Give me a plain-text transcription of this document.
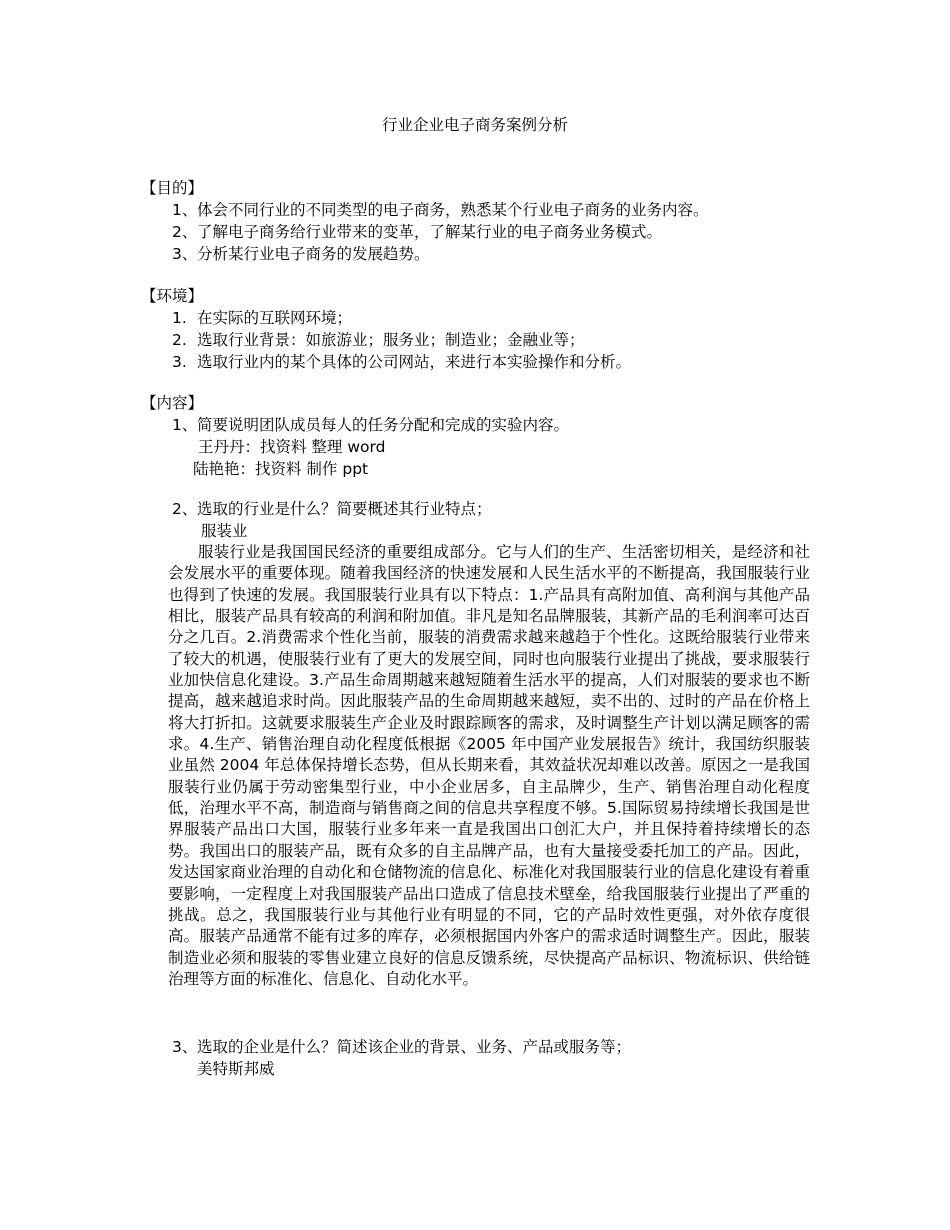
行业企业电子商务案例分析
【目的】
1、体会不同行业的不同类型的电子商务，熟悉某个行业电子商务的业务内容。
2、了解电子商务给行业带来的变革，了解某行业的电子商务业务模式。
3、分析某行业电子商务的发展趋势。
【环境】
1. 在实际的互联网环境；
2. 选取行业背景：如旅游业；服务业；制造业；金融业等；
3. 选取行业内的某个具体的公司网站，来进行本实验操作和分析。
【内容】
1、简要说明团队成员每人的任务分配和完成的实验内容。
王丹丹：找资料 整理 word
陆艳艳：找资料 制作 ppt
2、选取的行业是什么？简要概述其行业特点；
服装业

服装行业是我国国民经济的重要组成部分。它与人们的生产、生活密切相关，是经济和社会发展水平的重要体现。随着我国经济的快速发展和人民生活水平的不断提高，我国服装行业也得到了快速的发展。我国服装行业具有以下特点：1.产品具有高附加值、高利润与其他产品相比，服装产品具有较高的利润和附加值。非凡是知名品牌服装，其新产品的毛利润率可达百分之几百。2.消费需求个性化当前，服装的消费需求越来越趋于个性化。这既给服装行业带来了较大的机遇，使服装行业有了更大的发展空间，同时也向服装行业提出了挑战，要求服装行业加快信息化建设。3.产品生命周期越来越短随着生活水平的提高，人们对服装的要求也不断提高，越来越追求时尚。因此服装产品的生命周期越来越短，卖不出的、过时的产品在价格上将大打折扣。这就要求服装生产企业及时跟踪顾客的需求，及时调整生产计划以满足顾客的需求。4.生产、销售治理自动化程度低根据《2005 年中国产业发展报告》统计，我国纺织服装业虽然 2004 年总体保持增长态势，但从长期来看，其效益状况却难以改善。原因之一是我国服装行业仍属于劳动密集型行业，中小企业居多，自主品牌少，生产、销售治理自动化程度低，治理水平不高，制造商与销售商之间的信息共享程度不够。5.国际贸易持续增长我国是世界服装产品出口大国，服装行业多年来一直是我国出口创汇大户，并且保持着持续增长的态势。我国出口的服装产品，既有众多的自主品牌产品，也有大量接受委托加工的产品。因此，发达国家商业治理的自动化和仓储物流的信息化、标准化对我国服装行业的信息化建设有着重要影响，一定程度上对我国服装产品出口造成了信息技术壁垒，给我国服装行业提出了严重的挑战。总之，我国服装行业与其他行业有明显的不同，它的产品时效性更强，对外依存度很高。服装产品通常不能有过多的库存，必须根据国内外客户的需求适时调整生产。因此，服装制造业必须和服装的零售业建立良好的信息反馈系统，尽快提高产品标识、物流标识、供给链治理等方面的标准化、信息化、自动化水平。

3、选取的企业是什么？简述该企业的背景、业务、产品或服务等；
美特斯邦威
